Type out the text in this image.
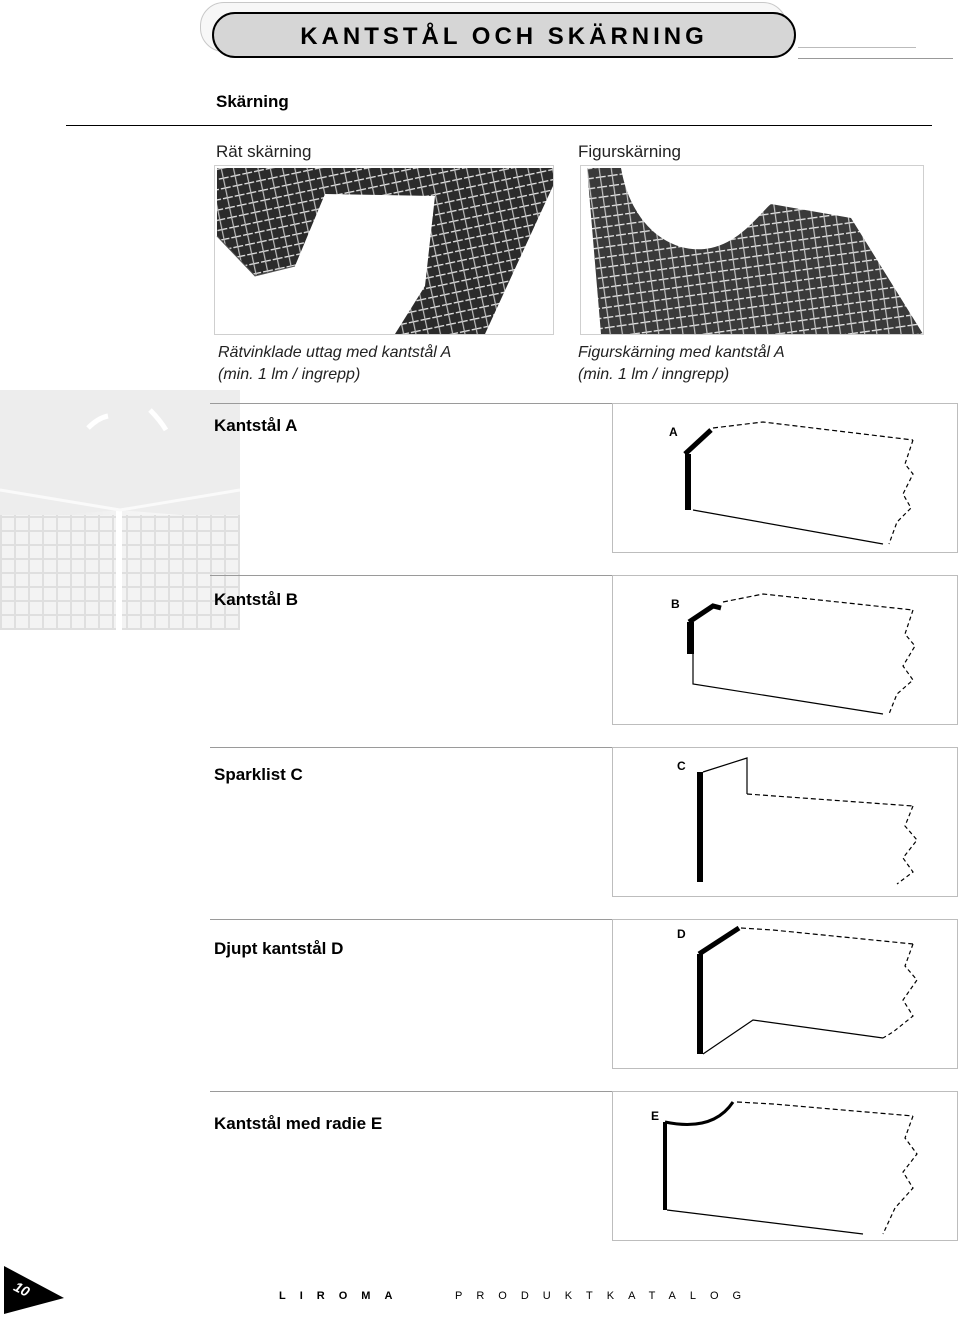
KANTSTÅL OCH SKÄRNING
Skärning
Rät skärning	Figurskärning
Rätvinklade uttag med kantstål A
(min. 1 lm / ingrepp)
Figurskärning med kantstål A
(min. 1 lm / inngrepp)
Kantstål A	A
Kantstål B	B
Sparklist C	C
Djupt kantstål D
D
Kantstål med radie E	E
10	LIROMA	PRODUKTKATALOG
